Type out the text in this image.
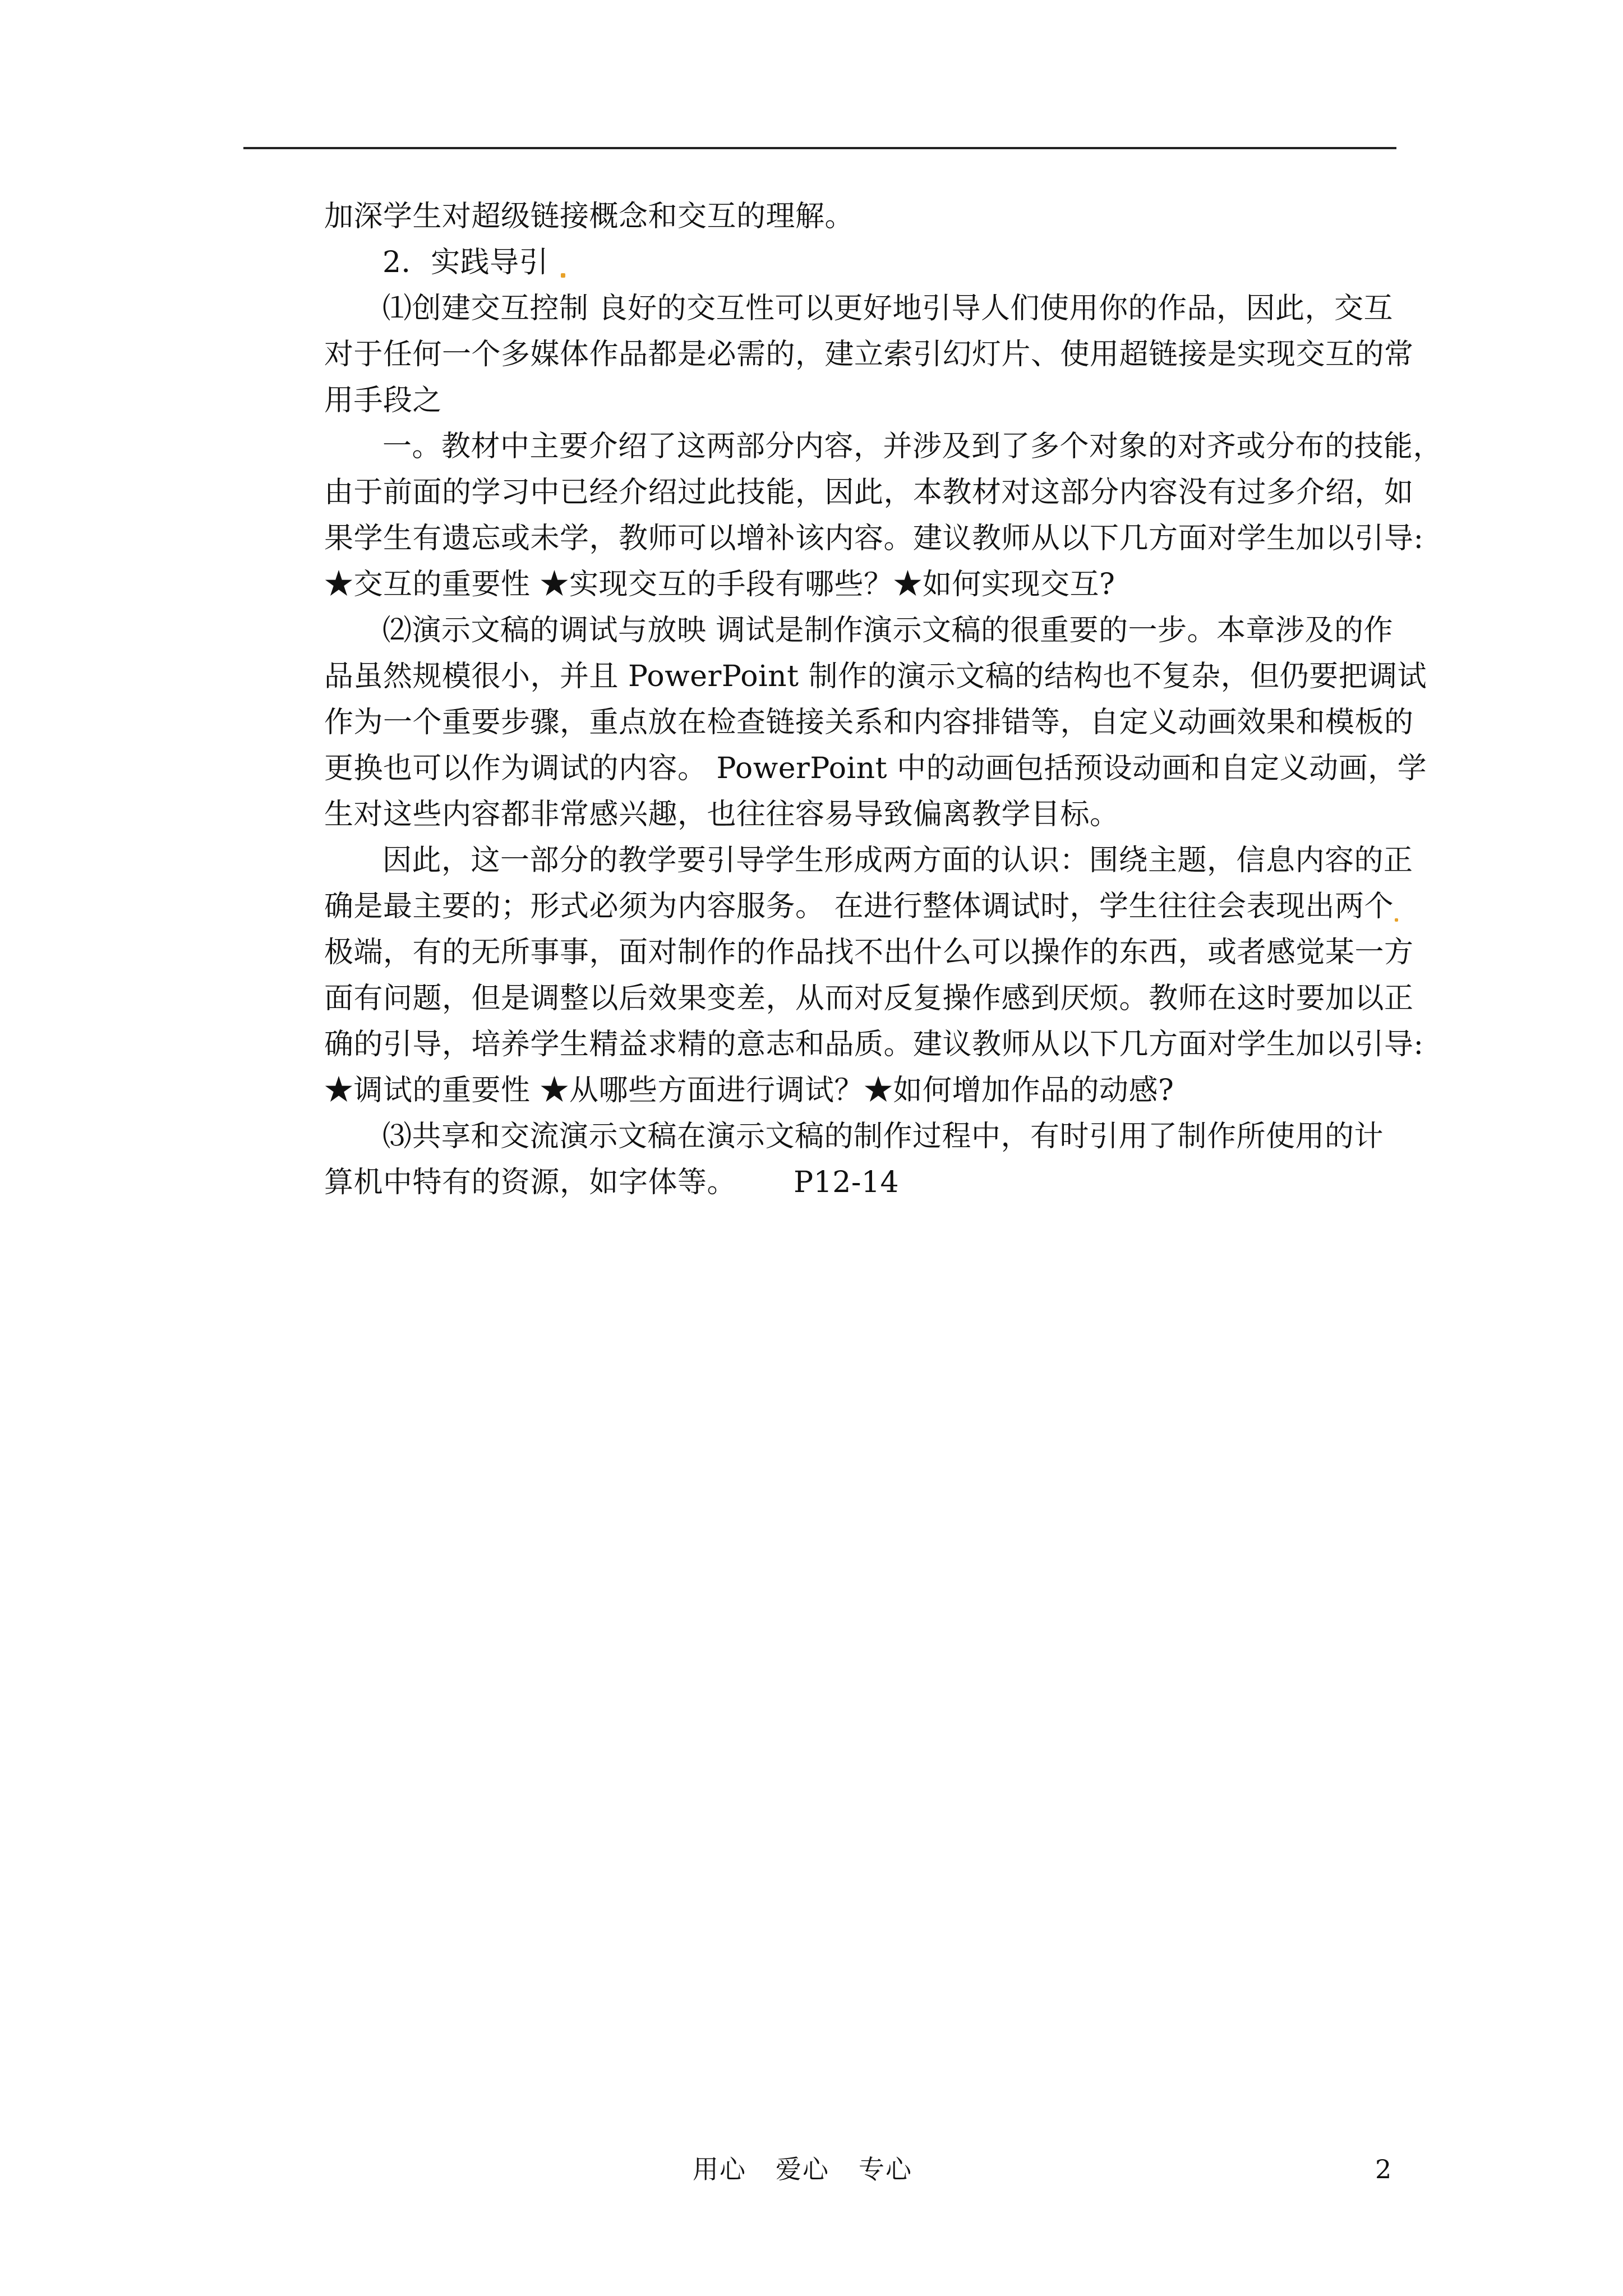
加深学生对超级链接概念和交互的理解。
2．实践导引
⑴创建交互控制 良好的交互性可以更好地引导人们使用你的作品，因此，交互
对于任何一个多媒体作品都是必需的，建立索引幻灯片、使用超链接是实现交互的常
用手段之
一。教材中主要介绍了这两部分内容，并涉及到了多个对象的对齐或分布的技能，
由于前面的学习中已经介绍过此技能，因此，本教材对这部分内容没有过多介绍，如
果学生有遗忘或未学，教师可以增补该内容。建议教师从以下几方面对学生加以引导:
★交互的重要性 ★实现交互的手段有哪些？★如何实现交互?
⑵演示文稿的调试与放映 调试是制作演示文稿的很重要的一步。本章涉及的作
品虽然规模很小，并且 PowerPoint 制作的演示文稿的结构也不复杂，但仍要把调试
作为一个重要步骤，重点放在检查链接关系和内容排错等，自定义动画效果和模板的
更换也可以作为调试的内容。 PowerPoint 中的动画包括预设动画和自定义动画，学
生对这些内容都非常感兴趣，也往往容易导致偏离教学目标。
因此，这一部分的教学要引导学生形成两方面的认识：围绕主题，信息内容的正
确是最主要的；形式必须为内容服务。 在进行整体调试时，学生往往会表现出两个
极端，有的无所事事，面对制作的作品找不出什么可以操作的东西，或者感觉某一方
面有问题，但是调整以后效果变差，从而对反复操作感到厌烦。教师在这时要加以正
确的引导，培养学生精益求精的意志和品质。建议教师从以下几方面对学生加以引导:
★调试的重要性 ★从哪些方面进行调试？★如何增加作品的动感?
⑶共享和交流演示文稿在演示文稿的制作过程中，有时引用了制作所使用的计
算机中特有的资源，如字体等。      P12-14
用心 爱心 专心	2
